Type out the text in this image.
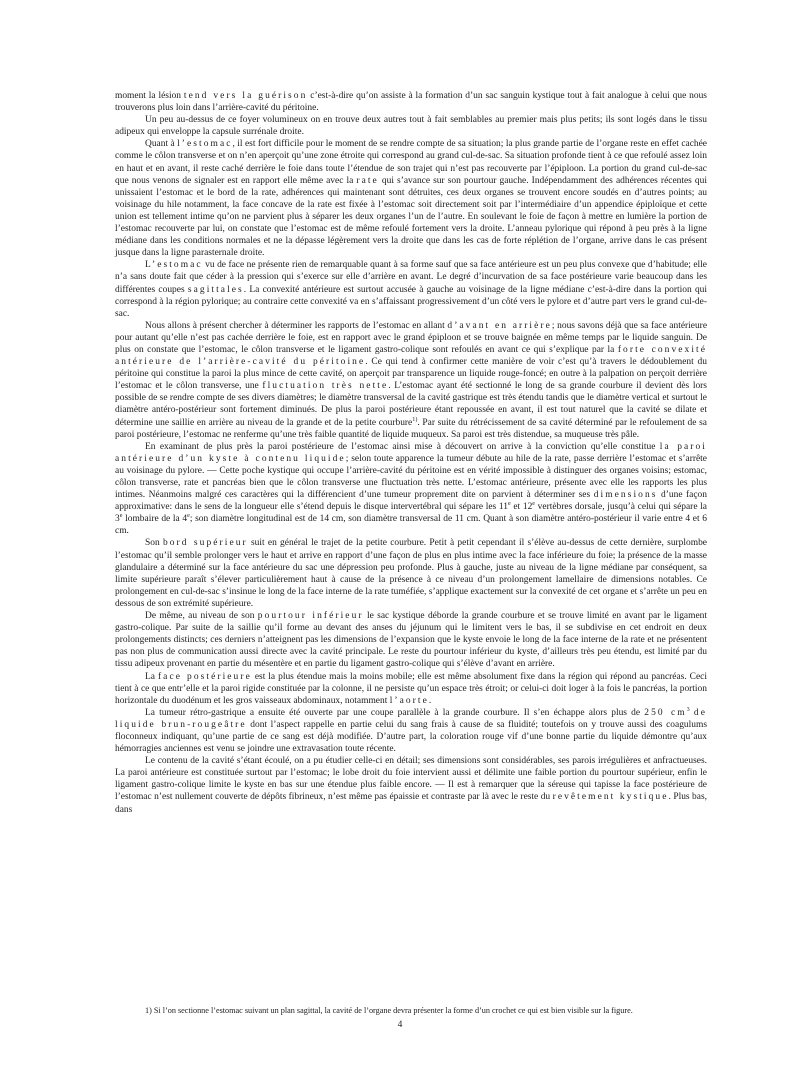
moment la lésion tend vers la guérison c’est-à-dire qu’on assiste à la formation d’un sac sanguin kystique tout à fait analogue à celui que nous trouverons plus loin dans l’arrière-cavité du péritoine.

Un peu au-dessus de ce foyer volumineux on en trouve deux autres tout à fait semblables au premier mais plus petits; ils sont logés dans le tissu adipeux qui enveloppe la capsule surrénale droite.

Quant à l’estomac, il est fort difficile pour le moment de se rendre compte de sa situation; la plus grande partie de l’organe reste en effet cachée comme le côlon transverse et on n’en aperçoit qu’une zone étroite qui correspond au grand cul-de-sac. Sa situation profonde tient à ce que refoulé assez loin en haut et en avant, il reste caché derrière le foie dans toute l’étendue de son trajet qui n’est pas recouverte par l’épiploon. La portion du grand cul-de-sac que nous venons de signaler est en rapport elle même avec la rate qui s’avance sur son pourtour gauche. Indépendamment des adhérences récentes qui unissaient l’estomac et le bord de la rate, adhérences qui maintenant sont détruites, ces deux organes se trouvent encore soudés en d’autres points; au voisinage du hile notamment, la face concave de la rate est fixée à l’estomac soit directement soit par l’intermédiaire d’un appendice épiploïque et cette union est tellement intime qu’on ne parvient plus à séparer les deux organes l’un de l’autre. En soulevant le foie de façon à mettre en lumière la portion de l’estomac recouverte par lui, on constate que l’estomac est de même refoulé fortement vers la droite. L’anneau pylorique qui répond à peu près à la ligne médiane dans les conditions normales et ne la dépasse légèrement vers la droite que dans les cas de forte réplétion de l’organe, arrive dans le cas présent jusque dans la ligne parasternale droite.

L’estomac vu de face ne présente rien de remarquable quant à sa forme sauf que sa face antérieure est un peu plus convexe que d’habitude; elle n’a sans doute fait que céder à la pression qui s’exerce sur elle d’arrière en avant. Le degré d’incurvation de sa face postérieure varie beaucoup dans les différentes coupes sagittales. La convexité antérieure est surtout accusée à gauche au voisinage de la ligne médiane c’est-à-dire dans la portion qui correspond à la région pylorique; au contraire cette convexité va en s’affaissant progressivement d’un côté vers le pylore et d’autre part vers le grand cul-de-sac.

Nous allons à présent chercher à déterminer les rapports de l’estomac en allant d’avant en arrière; nous savons déjà que sa face antérieure pour autant qu’elle n’est pas cachée derrière le foie, est en rapport avec le grand épiploon et se trouve baignée en même temps par le liquide sanguin. De plus on constate que l’estomac, le côlon transverse et le ligament gastro-colique sont refoulés en avant ce qui s’explique par la forte convexité antérieure de l’arrière-cavité du péritoine. Ce qui tend à confirmer cette manière de voir c’est qu’à travers le dédoublement du péritoine qui constitue la paroi la plus mince de cette cavité, on aperçoit par transparence un liquide rouge-foncé; en outre à la palpation on perçoit derrière l’estomac et le côlon transverse, une fluctuation très nette. L’estomac ayant été sectionné le long de sa grande courbure il devient dès lors possible de se rendre compte de ses divers diamètres; le diamètre transversal de la cavité gastrique est très étendu tandis que le diamètre vertical et surtout le diamètre antéro-postérieur sont fortement diminués. De plus la paroi postérieure étant repoussée en avant, il est tout naturel que la cavité se dilate et détermine une saillie en arrière au niveau de la grande et de la petite courbure$^{1)}$. Par suite du rétrécissement de sa cavité déterminé par le refoulement de sa paroi postérieure, l’estomac ne renferme qu’une très faible quantité de liquide muqueux. Sa paroi est très distendue, sa muqueuse très pâle.

En examinant de plus près la paroi postérieure de l’estomac ainsi mise à découvert on arrive à la conviction qu’elle constitue la paroi antérieure d’un kyste à contenu liquide; selon toute apparence la tumeur débute au hile de la rate, passe derrière l’estomac et s’arrête au voisinage du pylore. — Cette poche kystique qui occupe l’arrière-cavité du péritoine est en vérité impossible à distinguer des organes voisins; estomac, côlon transverse, rate et pancréas bien que le côlon transverse une fluctuation très nette. L’estomac antérieure, présente avec elle les rapports les plus intimes. Néanmoins malgré ces caractères qui la différencient d’une tumeur proprement dite on parvient à déterminer ses dimensions d’une façon approximative: dans le sens de la longueur elle s’étend depuis le disque intervertébral qui sépare les 11e et 12e vertèbres dorsale, jusqu’à celui qui sépare la 3e lombaire de la 4e; son diamètre longitudinal est de 14 cm, son diamètre transversal de 11 cm. Quant à son diamètre antéro-postérieur il varie entre 4 et 6 cm.

Son bord supérieur suit en général le trajet de la petite courbure. Petit à petit cependant il s’élève au-dessus de cette dernière, surplombe l’estomac qu’il semble prolonger vers le haut et arrive en rapport d’une façon de plus en plus intime avec la face inférieure du foie; la présence de la masse glandulaire a déterminé sur la face antérieure du sac une dépression peu profonde. Plus à gauche, juste au niveau de la ligne médiane par conséquent, sa limite supérieure paraît s’élever particulièrement haut à cause de la présence à ce niveau d’un prolongement lamellaire de dimensions notables. Ce prolongement en cul-de-sac s’insinue le long de la face interne de la rate tuméfiée, s’applique exactement sur la convexité de cet organe et s’arrête un peu en dessous de son extrémité supérieure.

De même, au niveau de son pourtour inférieur le sac kystique déborde la grande courbure et se trouve limité en avant par le ligament gastro-colique. Par suite de la saillie qu’il forme au devant des anses du jéjunum qui le limitent vers le bas, il se subdivise en cet endroit en deux prolongements distincts; ces derniers n’atteignent pas les dimensions de l’expansion que le kyste envoie le long de la face interne de la rate et ne présentent pas non plus de communication aussi directe avec la cavité principale. Le reste du pourtour inférieur du kyste, d’ailleurs très peu étendu, est limité par du tissu adipeux provenant en partie du mésentère et en partie du ligament gastro-colique qui s’élève d’avant en arrière.

La face postérieure est la plus étendue mais la moins mobile; elle est même absolument fixe dans la région qui répond au pancréas. Ceci tient à ce que entr’elle et la paroi rigide constituée par la colonne, il ne persiste qu’un espace très étroit; or celui-ci doit loger à la fois le pancréas, la portion horizontale du duodénum et les gros vaisseaux abdominaux, notamment l’aorte.

La tumeur rétro-gastrique a ensuite été ouverte par une coupe parallèle à la grande courbure. Il s’en échappe alors plus de 250 $cm^3$ de liquide brun-rougeâtre dont l’aspect rappelle en partie celui du sang frais à cause de sa fluidité; toutefois on y trouve aussi des coagulums floconneux indiquant, qu’une partie de ce sang est déjà modifiée. D’autre part, la coloration rouge vif d’une bonne partie du liquide démontre qu’aux hémorragies anciennes est venu se joindre une extravasation toute récente.

Le contenu de la cavité s’étant écoulé, on a pu étudier celle-ci en détail; ses dimensions sont considérables, ses parois irrégulières et anfractueuses. La paroi antérieure est constituée surtout par l’estomac; le lobe droit du foie intervient aussi et délimite une faible portion du pourtour supérieur, enfin le ligament gastro-colique limite le kyste en bas sur une étendue plus faible encore. — Il est à remarquer que la séreuse qui tapisse la face postérieure de l’estomac n’est nullement couverte de dépôts fibrineux, n’est même pas épaissie et contraste par là avec le reste du revêtement kystique. Plus bas, dans

1) Si l’on sectionne l’estomac suivant un plan sagittal, la cavité de l’organe devra présenter la forme d’un crochet ce qui est bien visible sur la figure.
4
